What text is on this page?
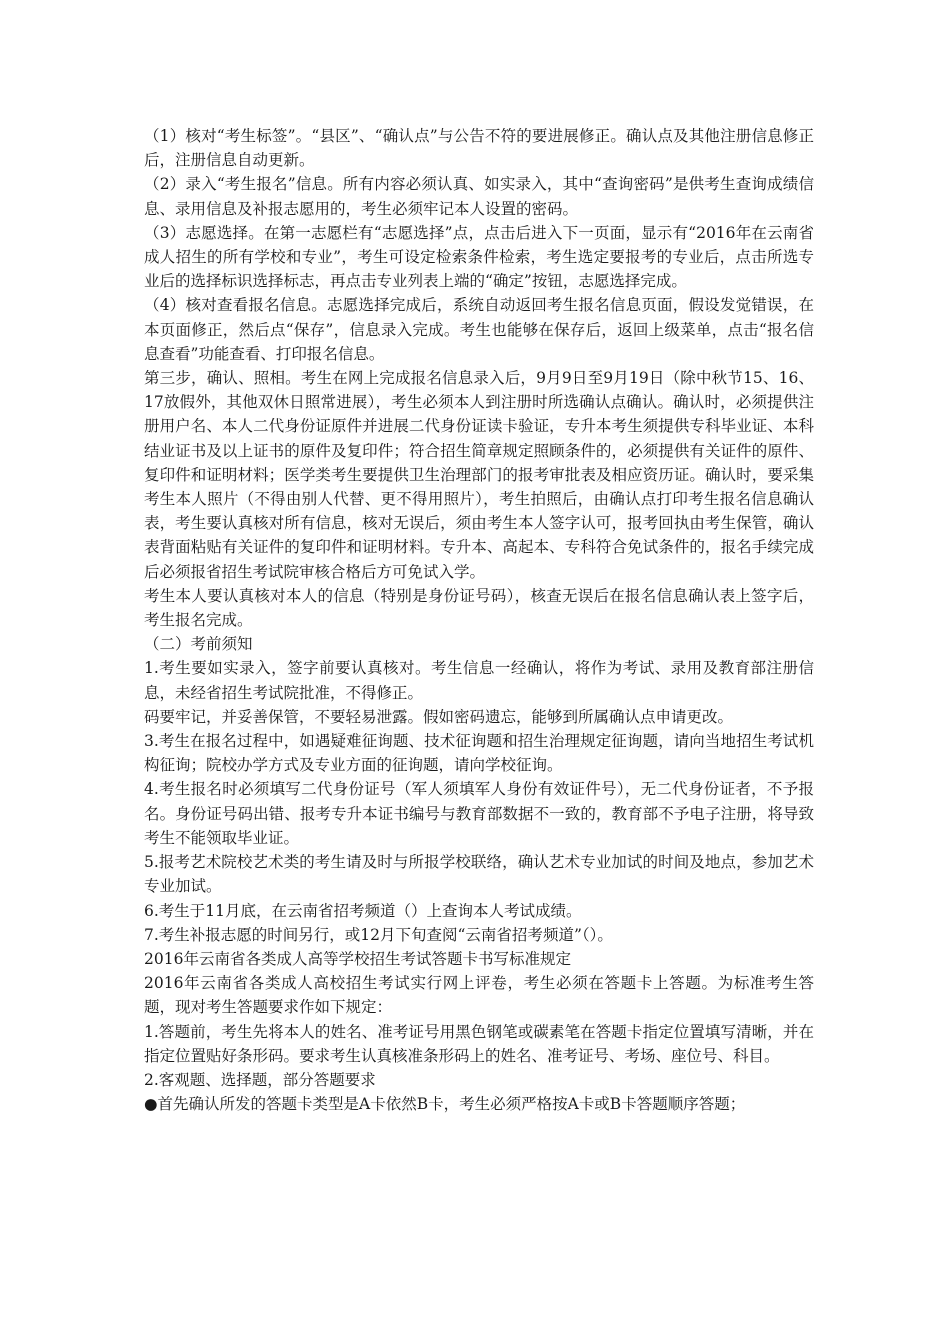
（1）核对“考生标签”。“县区”、“确认点”与公告不符的要进展修正。确认点及其他注册信息修正后，注册信息自动更新。

（2）录入“考生报名”信息。所有内容必须认真、如实录入，其中“查询密码”是供考生查询成绩信息、录用信息及补报志愿用的，考生必须牢记本人设置的密码。

（3）志愿选择。在第一志愿栏有“志愿选择”点，点击后进入下一页面，显示有“2016年在云南省成人招生的所有学校和专业”，考生可设定检索条件检索，考生选定要报考的专业后，点击所选专业后的选择标识选择标志，再点击专业列表上端的“确定”按钮，志愿选择完成。

（4）核对查看报名信息。志愿选择完成后，系统自动返回考生报名信息页面，假设发觉错误，在本页面修正，然后点“保存”，信息录入完成。考生也能够在保存后，返回上级菜单，点击“报名信息查看”功能查看、打印报名信息。

第三步，确认、照相。考生在网上完成报名信息录入后，9月9日至9月19日（除中秋节15、16、17放假外，其他双休日照常进展），考生必须本人到注册时所选确认点确认。确认时，必须提供注册用户名、本人二代身份证原件并进展二代身份证读卡验证，专升本考生须提供专科毕业证、本科结业证书及以上证书的原件及复印件；符合招生简章规定照顾条件的，必须提供有关证件的原件、复印件和证明材料；医学类考生要提供卫生治理部门的报考审批表及相应资历证。确认时，要采集考生本人照片（不得由别人代替、更不得用照片），考生拍照后，由确认点打印考生报名信息确认表，考生要认真核对所有信息，核对无误后，须由考生本人签字认可，报考回执由考生保管，确认表背面粘贴有关证件的复印件和证明材料。专升本、高起本、专科符合免试条件的，报名手续完成后必须报省招生考试院审核合格后方可免试入学。

考生本人要认真核对本人的信息（特别是身份证号码），核查无误后在报名信息确认表上签字后，考生报名完成。

（二）考前须知

1.考生要如实录入，签字前要认真核对。考生信息一经确认，将作为考试、录用及教育部注册信息，未经省招生考试院批准，不得修正。

码要牢记，并妥善保管，不要轻易泄露。假如密码遗忘，能够到所属确认点申请更改。

3.考生在报名过程中，如遇疑难征询题、技术征询题和招生治理规定征询题，请向当地招生考试机构征询；院校办学方式及专业方面的征询题，请向学校征询。

4.考生报名时必须填写二代身份证号（军人须填军人身份有效证件号），无二代身份证者，不予报名。身份证号码出错、报考专升本证书编号与教育部数据不一致的，教育部不予电子注册，将导致考生不能领取毕业证。

5.报考艺术院校艺术类的考生请及时与所报学校联络，确认艺术专业加试的时间及地点，参加艺术专业加试。

6.考生于11月底，在云南省招考频道（）上查询本人考试成绩。

7.考生补报志愿的时间另行，或12月下旬查阅“云南省招考频道”（）。

2016年云南省各类成人高等学校招生考试答题卡书写标准规定

2016年云南省各类成人高校招生考试实行网上评卷，考生必须在答题卡上答题。为标准考生答题，现对考生答题要求作如下规定：

1.答题前，考生先将本人的姓名、准考证号用黑色钢笔或碳素笔在答题卡指定位置填写清晰，并在指定位置贴好条形码。要求考生认真核准条形码上的姓名、准考证号、考场、座位号、科目。

2.客观题、选择题，部分答题要求

●首先确认所发的答题卡类型是A卡依然B卡，考生必须严格按A卡或B卡答题顺序答题；
